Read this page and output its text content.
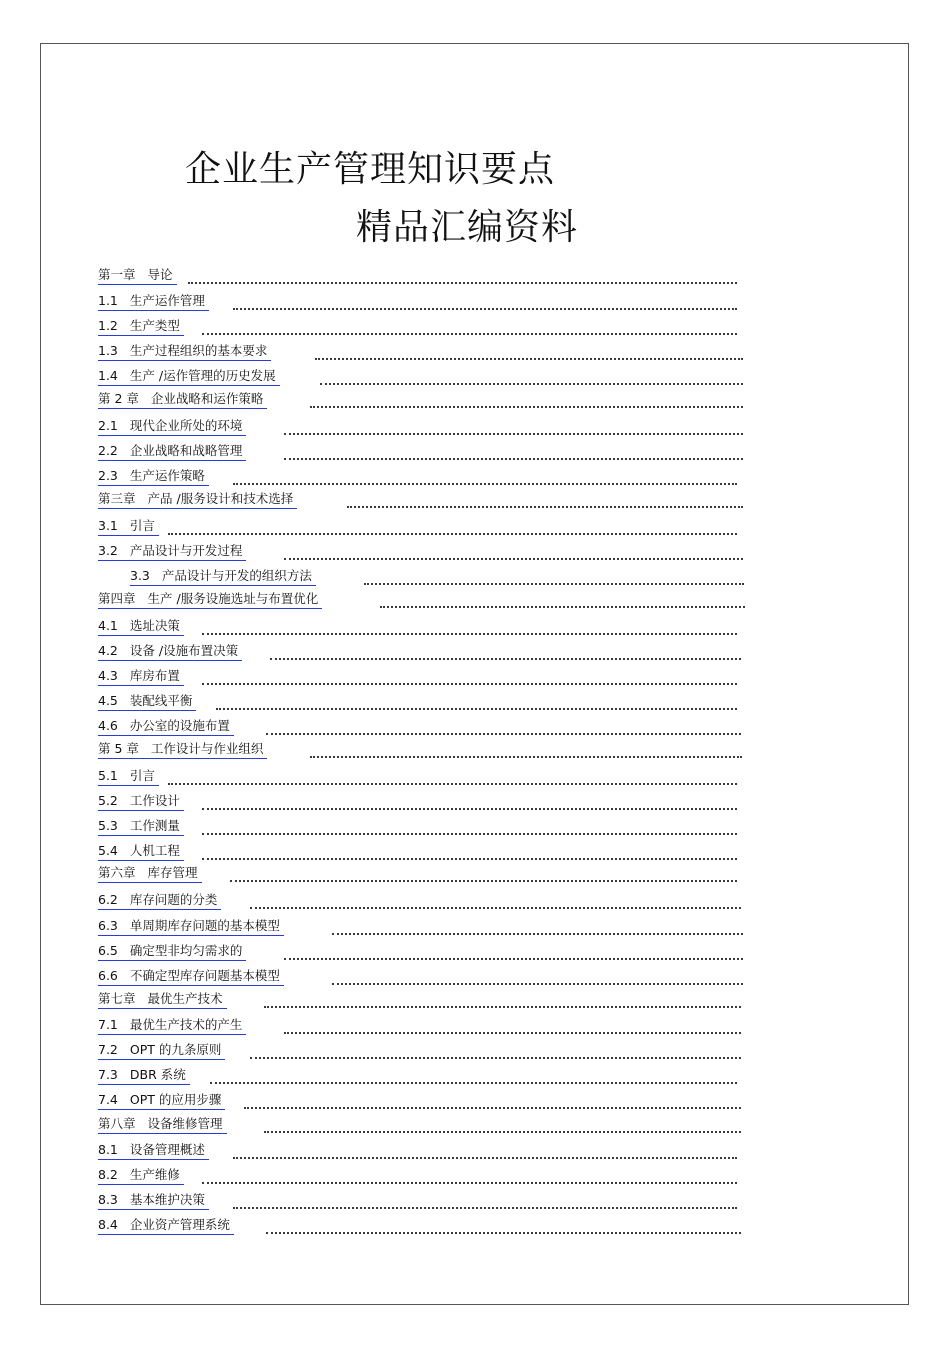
企业生产管理知识要点
精品汇编资料
第一章 导论
1.1 生产运作管理
1.2 生产类型
1.3 生产过程组织的基本要求
1.4 生产 /运作管理的历史发展
第 2 章 企业战略和运作策略
2.1 现代企业所处的环境
2.2 企业战略和战略管理
2.3 生产运作策略
第三章 产品 /服务设计和技术选择
3.1 引言
3.2 产品设计与开发过程
3.3 产品设计与开发的组织方法
第四章 生产 /服务设施选址与布置优化
4.1 选址决策
4.2 设备 /设施布置决策
4.3 库房布置
4.5 装配线平衡
4.6 办公室的设施布置
第 5 章 工作设计与作业组织
5.1 引言
5.2 工作设计
5.3 工作测量
5.4 人机工程
第六章 库存管理
6.2 库存问题的分类
6.3 单周期库存问题的基本模型
6.5 确定型非均匀需求的
6.6 不确定型库存问题基本模型
第七章 最优生产技术
7.1 最优生产技术的产生
7.2 OPT 的九条原则
7.3 DBR 系统
7.4 OPT 的应用步骤
第八章 设备维修管理
8.1 设备管理概述
8.2 生产维修
8.3 基本维护决策
8.4 企业资产管理系统
